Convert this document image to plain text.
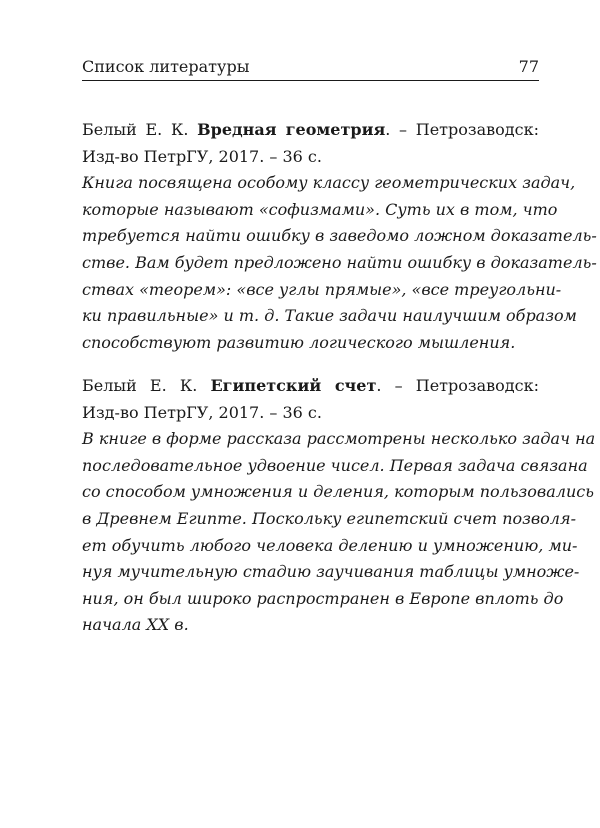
Список литературы	77
Белый Е. К. Вредная геометрия. – Петрозаводск:
Изд-во ПетрГУ, 2017. – 36 с.
Книга посвящена особому классу геометрических задач,
которые называют «софизмами». Суть их в том, что
требуется найти ошибку в заведомо ложном доказатель-
стве. Вам будет предложено найти ошибку в доказатель-
ствах «теорем»: «все углы прямые», «все треугольни-
ки правильные» и т. д. Такие задачи наилучшим образом
способствуют развитию логического мышления.
Белый Е. К. Египетский счет. – Петрозаводск:
Изд-во ПетрГУ, 2017. – 36 с.
В книге в форме рассказа рассмотрены несколько задач на
последовательное удвоение чисел. Первая задача связана
со способом умножения и деления, которым пользовались
в Древнем Египте. Поскольку египетский счет позволя-
ет обучить любого человека делению и умножению, ми-
нуя мучительную стадию заучивания таблицы умноже-
ния, он был широко распространен в Европе вплоть до
начала XX в.
